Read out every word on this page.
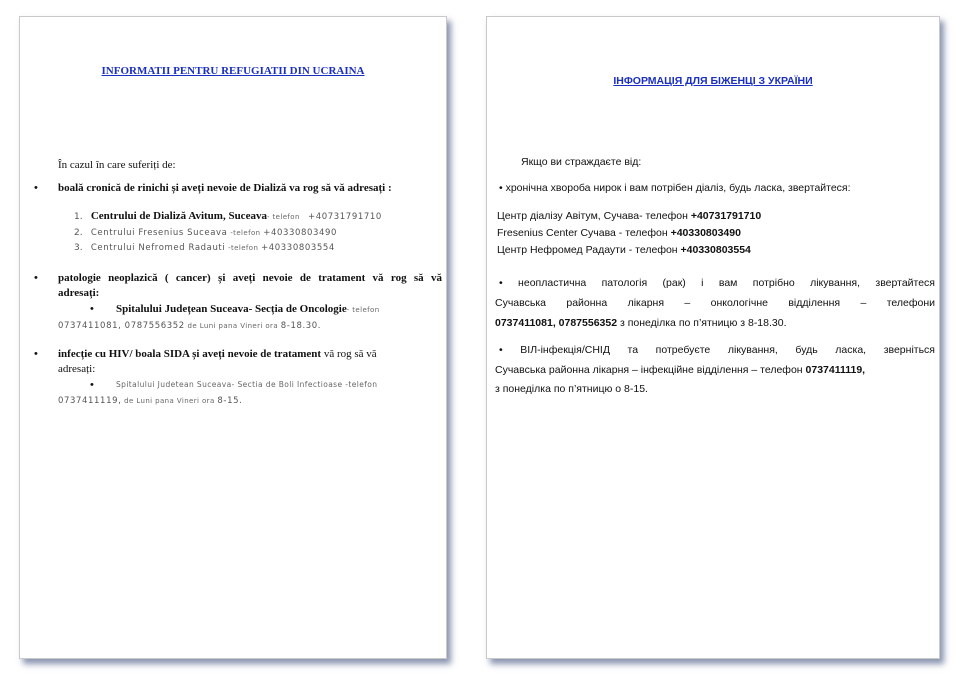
INFORMATII PENTRU REFUGIATII DIN UCRAINA
În cazul în care suferiți de:
• boală cronică de rinichi și aveți nevoie de Dializă va rog să vă adresați :
1. Centrului de Dializă Avitum, Suceava- telefon +40731791710
2. Centrului Fresenius Suceava -telefon +40330803490
3. Centrului Nefromed Radauti -telefon +40330803554
• patologie neoplazică ( cancer) și aveți nevoie de tratament vă rog să vă
adresați:
• Spitalului Județean Suceava- Secția de Oncologie- telefon
0737411081, 0787556352 de Luni pana Vineri ora 8-18.30.
• infecție cu HIV/ boala SIDA și aveți nevoie de tratament vă rog să vă
adresați:
•	Spitalului Judetean Suceava- Sectia de Boli Infectioase -telefon
0737411119, de Luni pana Vineri ora 8-15.
ІНФОРМАЦІЯ ДЛЯ БІЖЕНЦІ З УКРАЇНИ
Якщо ви страждаєте від:
• хронічна хвороба нирок і вам потрібен діаліз, будь ласка, звертайтеся:
Центр діалізу Авітум, Сучава- телефон +40731791710
Fresenius Center Сучава - телефон +40330803490
Центр Нефромед Радаути - телефон +40330803554
• неопластична патологія (рак) і вам потрібно лікування, звертайтеся
Сучавська районна лікарня – онкологічне відділення – телефони
0737411081, 0787556352 з понеділка по п’ятницю з 8-18.30.
• ВІЛ-інфекція/СНІД та потребуєте лікування, будь ласка, зверніться
Сучавська районна лікарня – інфекційне відділення – телефон 0737411119,
з понеділка по п’ятницю о 8-15.
